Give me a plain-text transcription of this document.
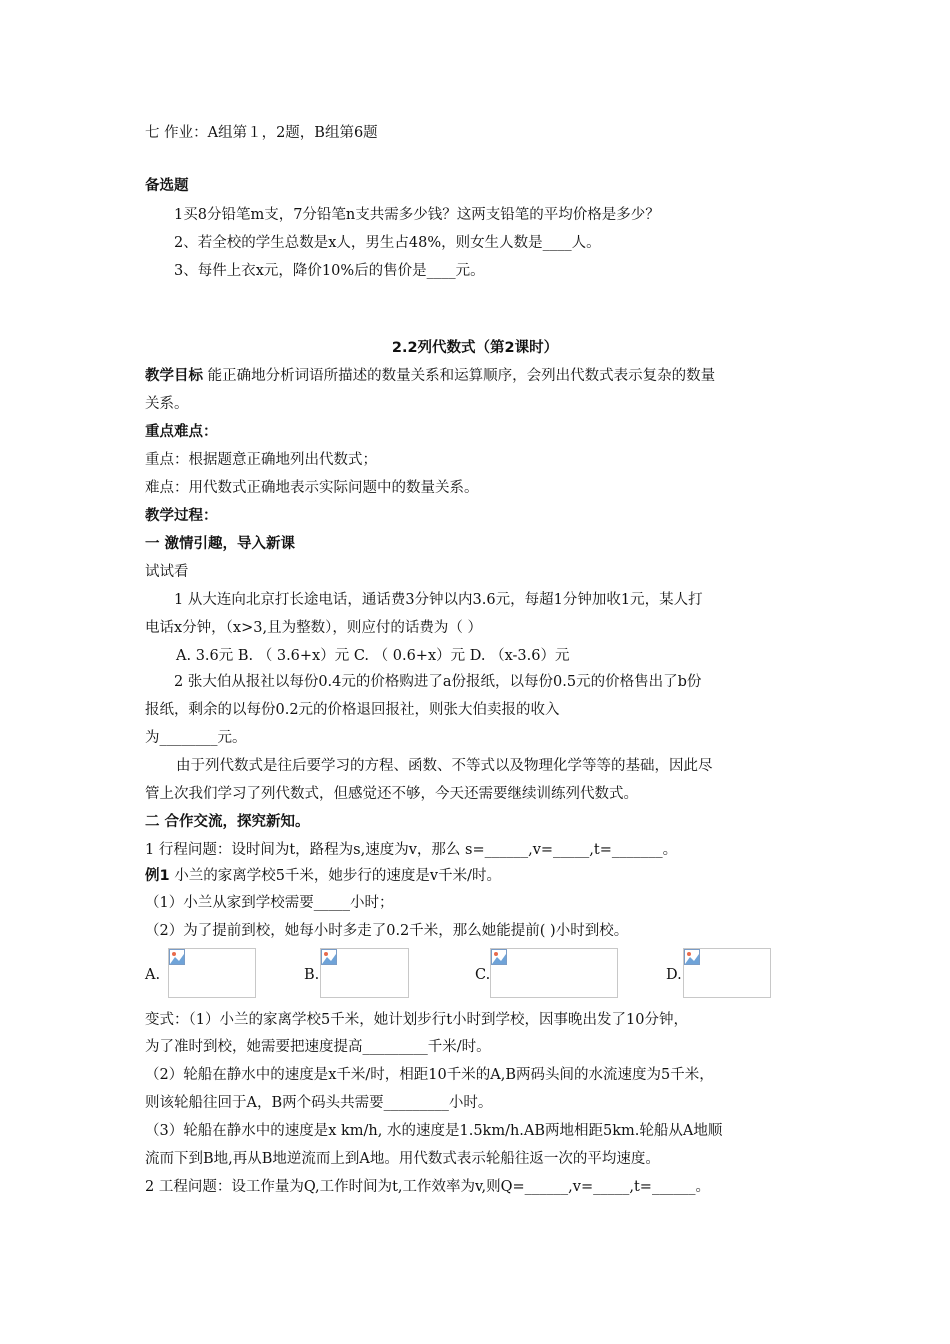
七 作业：A组第１，2题，B组第6题
备选题
1买8分铅笔m支，7分铅笔n支共需多少钱？这两支铅笔的平均价格是多少？
2、若全校的学生总数是x人，男生占48%，则女生人数是____人。
3、每件上衣x元，降价10%后的售价是____元。
2.2列代数式（第2课时）
教学目标 能正确地分析词语所描述的数量关系和运算顺序，会列出代数式表示复杂的数量
关系。
重点难点：
重点：根据题意正确地列出代数式；
难点：用代数式正确地表示实际问题中的数量关系。
教学过程：
一 激情引趣，导入新课
试试看
1 从大连向北京打长途电话，通话费3分钟以内3.6元，每超1分钟加收1元，某人打
电话x分钟，（x>3,且为整数），则应付的话费为（ ）
A. 3.6元 B. （ 3.6+x）元 C. （ 0.6+x）元 D. （x-3.6）元
2 张大伯从报社以每份0.4元的价格购进了a份报纸，以每份0.5元的价格售出了b份
报纸，剩余的以每份0.2元的价格退回报社，则张大伯卖报的收入
为________元。
由于列代数式是往后要学习的方程、函数、不等式以及物理化学等等的基础，因此尽
管上次我们学习了列代数式，但感觉还不够，今天还需要继续训练列代数式。
二 合作交流，探究新知。
1 行程问题：设时间为t，路程为s,速度为v，那么 s=______,v=_____,t=_______。
例1 小兰的家离学校5千米，她步行的速度是v千米/时。
（1）小兰从家到学校需要_____小时；
（2）为了提前到校，她每小时多走了0.2千米，那么她能提前( )小时到校。
A.	B.	C.	D.
变式：（1）小兰的家离学校5千米，她计划步行t小时到学校，因事晚出发了10分钟，
为了准时到校，她需要把速度提高_________千米/时。
（2）轮船在静水中的速度是x千米/时，相距10千米的A,B两码头间的水流速度为5千米，
则该轮船往回于A，B两个码头共需要_________小时。
（3）轮船在静水中的速度是x km/h, 水的速度是1.5km/h.AB两地相距5km.轮船从A地顺
流而下到B地,再从B地逆流而上到A地。用代数式表示轮船往返一次的平均速度。
2 工程问题：设工作量为Q,工作时间为t,工作效率为v,则Q=______,v=_____,t=______。
